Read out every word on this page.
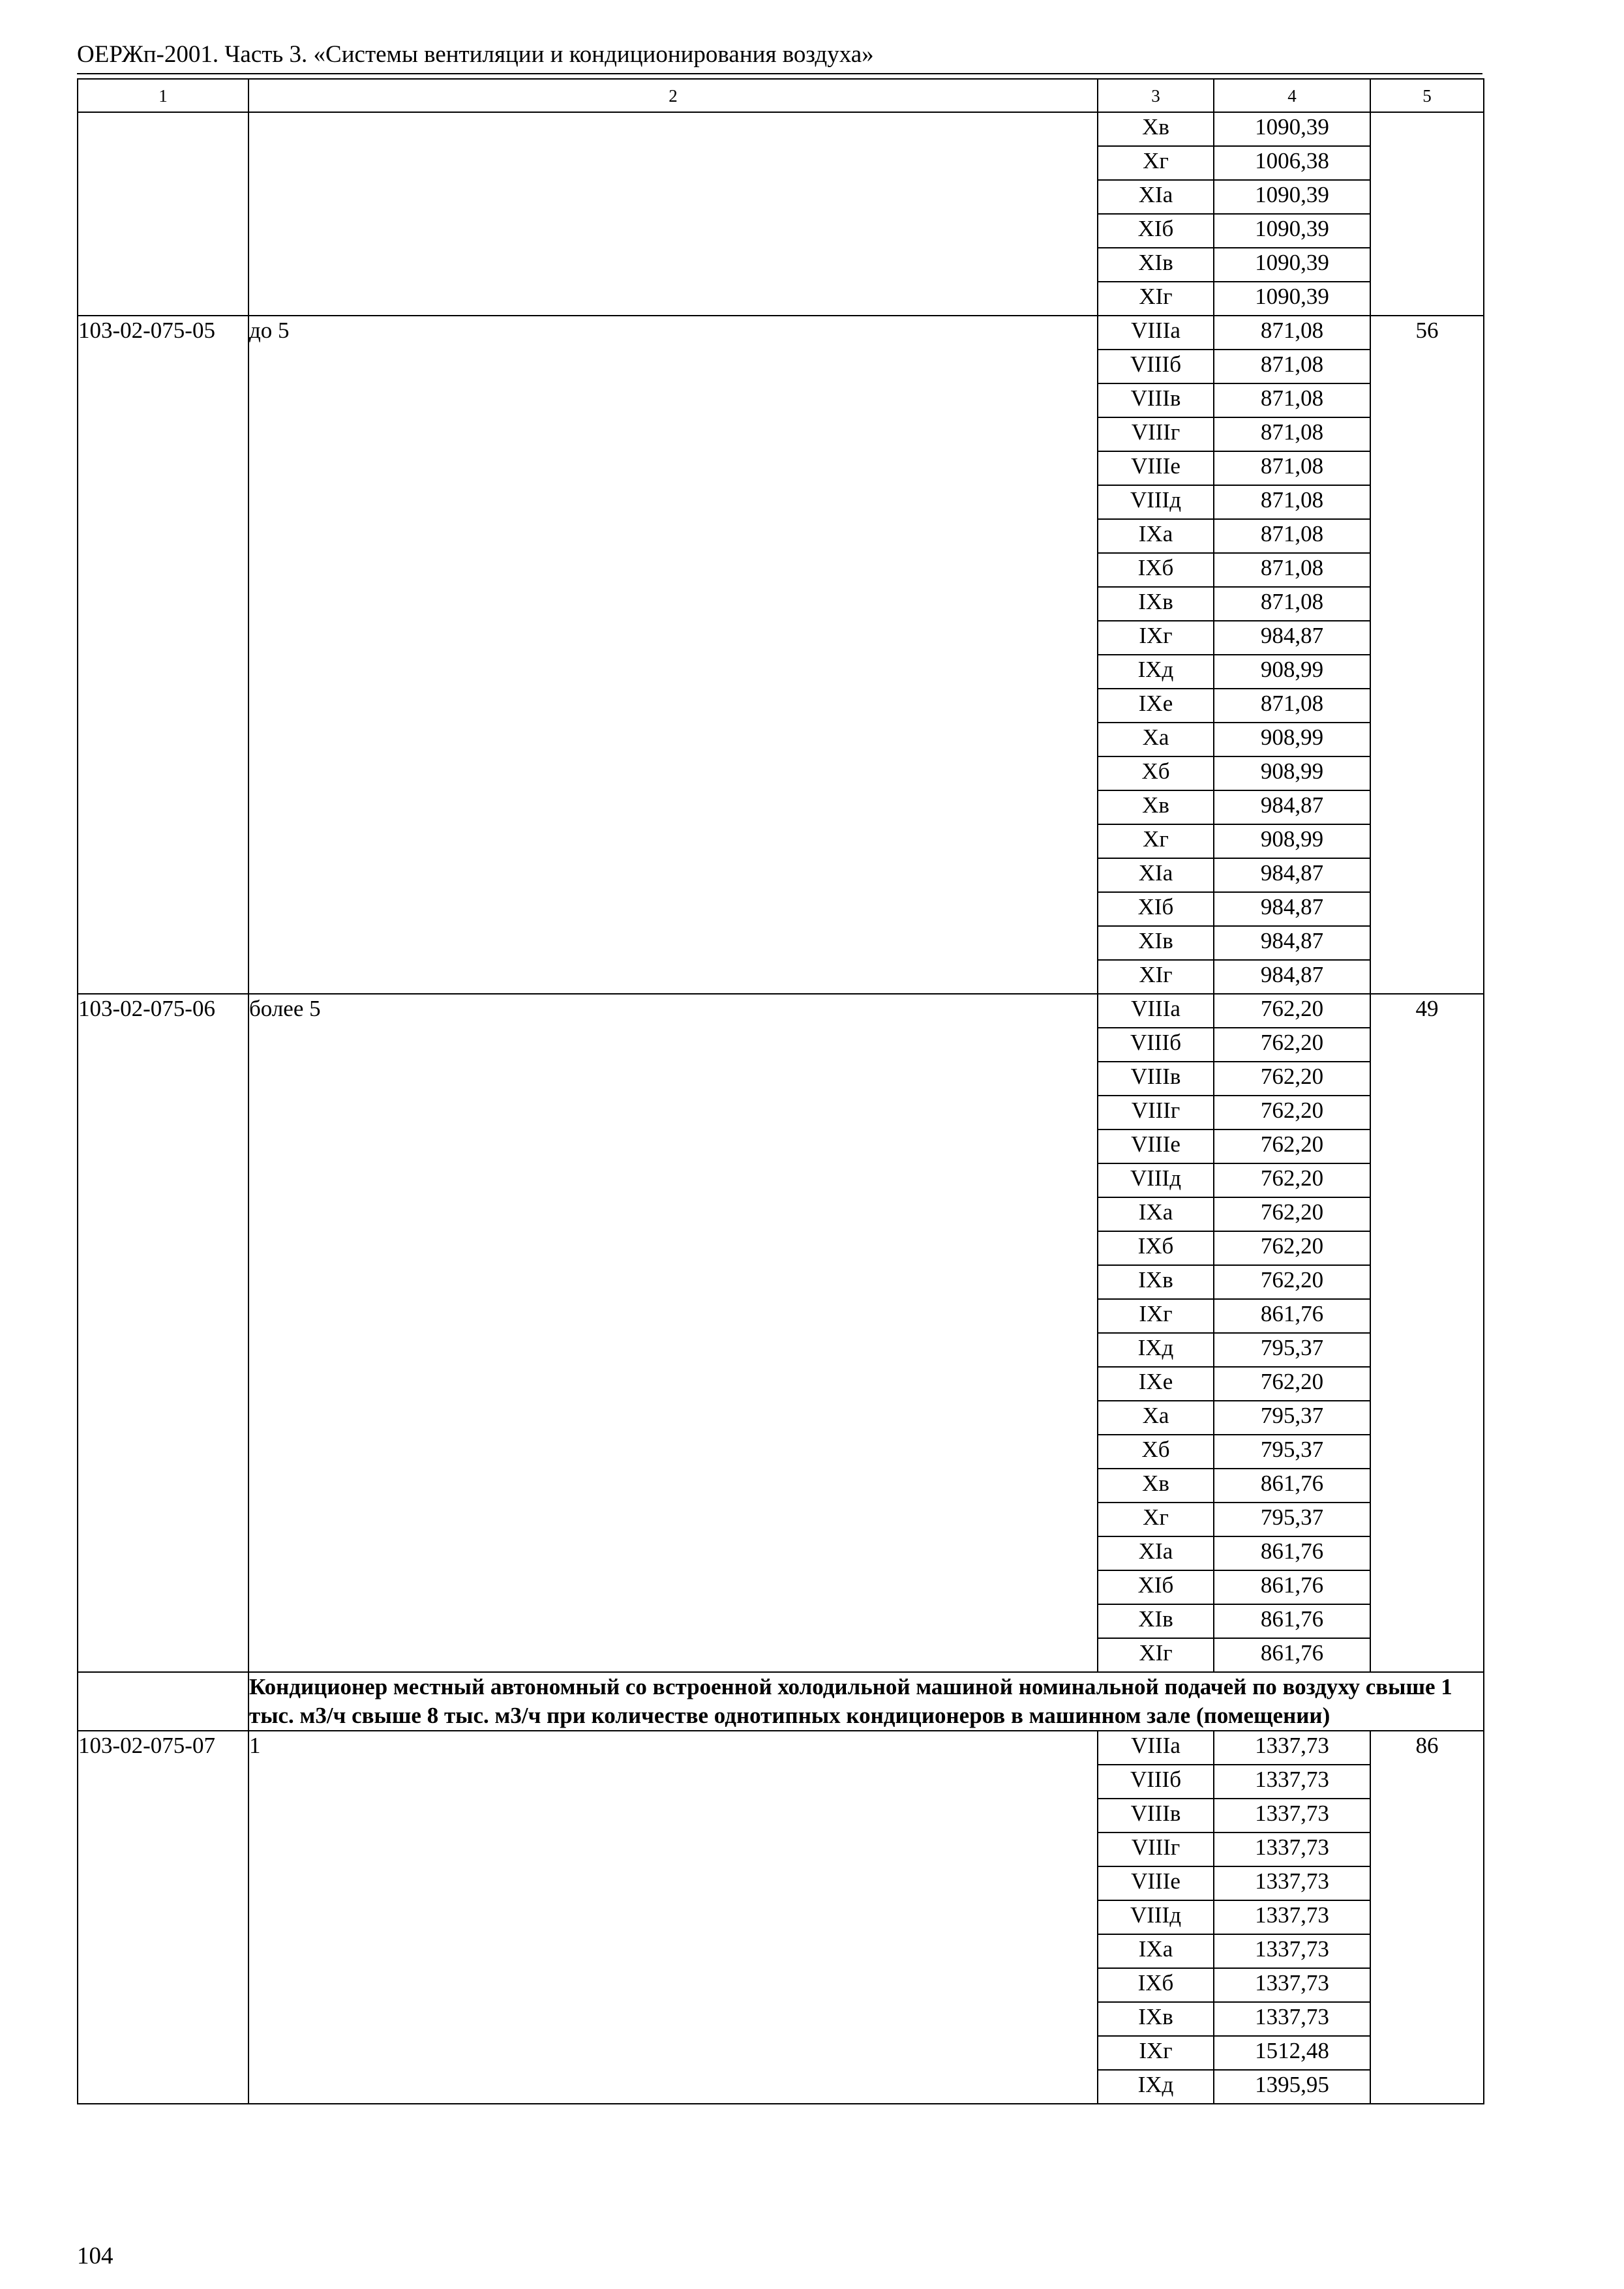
ОЕРЖп-2001. Часть 3. «Системы вентиляции и кондиционирования воздуха»
1	2	3	4	5
		Хв	1090,39	
		Хг	1006,38	
		ХIа	1090,39	
		ХIб	1090,39	
		ХIв	1090,39	
		ХIг	1090,39	
103-02-075-05	до 5	VIIIа	871,08	56
		VIIIб	871,08	
		VIIIв	871,08	
		VIIIг	871,08	
		VIIIе	871,08	
		VIIIд	871,08	
		IХа	871,08	
		IХб	871,08	
		IХв	871,08	
		IХг	984,87	
		IХд	908,99	
		IХе	871,08	
		Ха	908,99	
		Хб	908,99	
		Хв	984,87	
		Хг	908,99	
		ХIа	984,87	
		ХIб	984,87	
		ХIв	984,87	
		ХIг	984,87	
103-02-075-06	более 5	VIIIа	762,20	49
		VIIIб	762,20	
		VIIIв	762,20	
		VIIIг	762,20	
		VIIIе	762,20	
		VIIIд	762,20	
		IХа	762,20	
		IХб	762,20	
		IХв	762,20	
		IХг	861,76	
		IХд	795,37	
		IХе	762,20	
		Ха	795,37	
		Хб	795,37	
		Хв	861,76	
		Хг	795,37	
		ХIа	861,76	
		ХIб	861,76	
		ХIв	861,76	
		ХIг	861,76	
	Кондиционер местный автономный со встроенной холодильной машиной номинальной подачей по воздуху свыше 1 тыс. м3/ч свыше 8 тыс. м3/ч при количестве однотипных кондиционеров в машинном зале (помещении)			
103-02-075-07	1	VIIIа	1337,73	86
		VIIIб	1337,73	
		VIIIв	1337,73	
		VIIIг	1337,73	
		VIIIе	1337,73	
		VIIIд	1337,73	
		IХа	1337,73	
		IХб	1337,73	
		IХв	1337,73	
		IХг	1512,48	
		IХд	1395,95	
104
